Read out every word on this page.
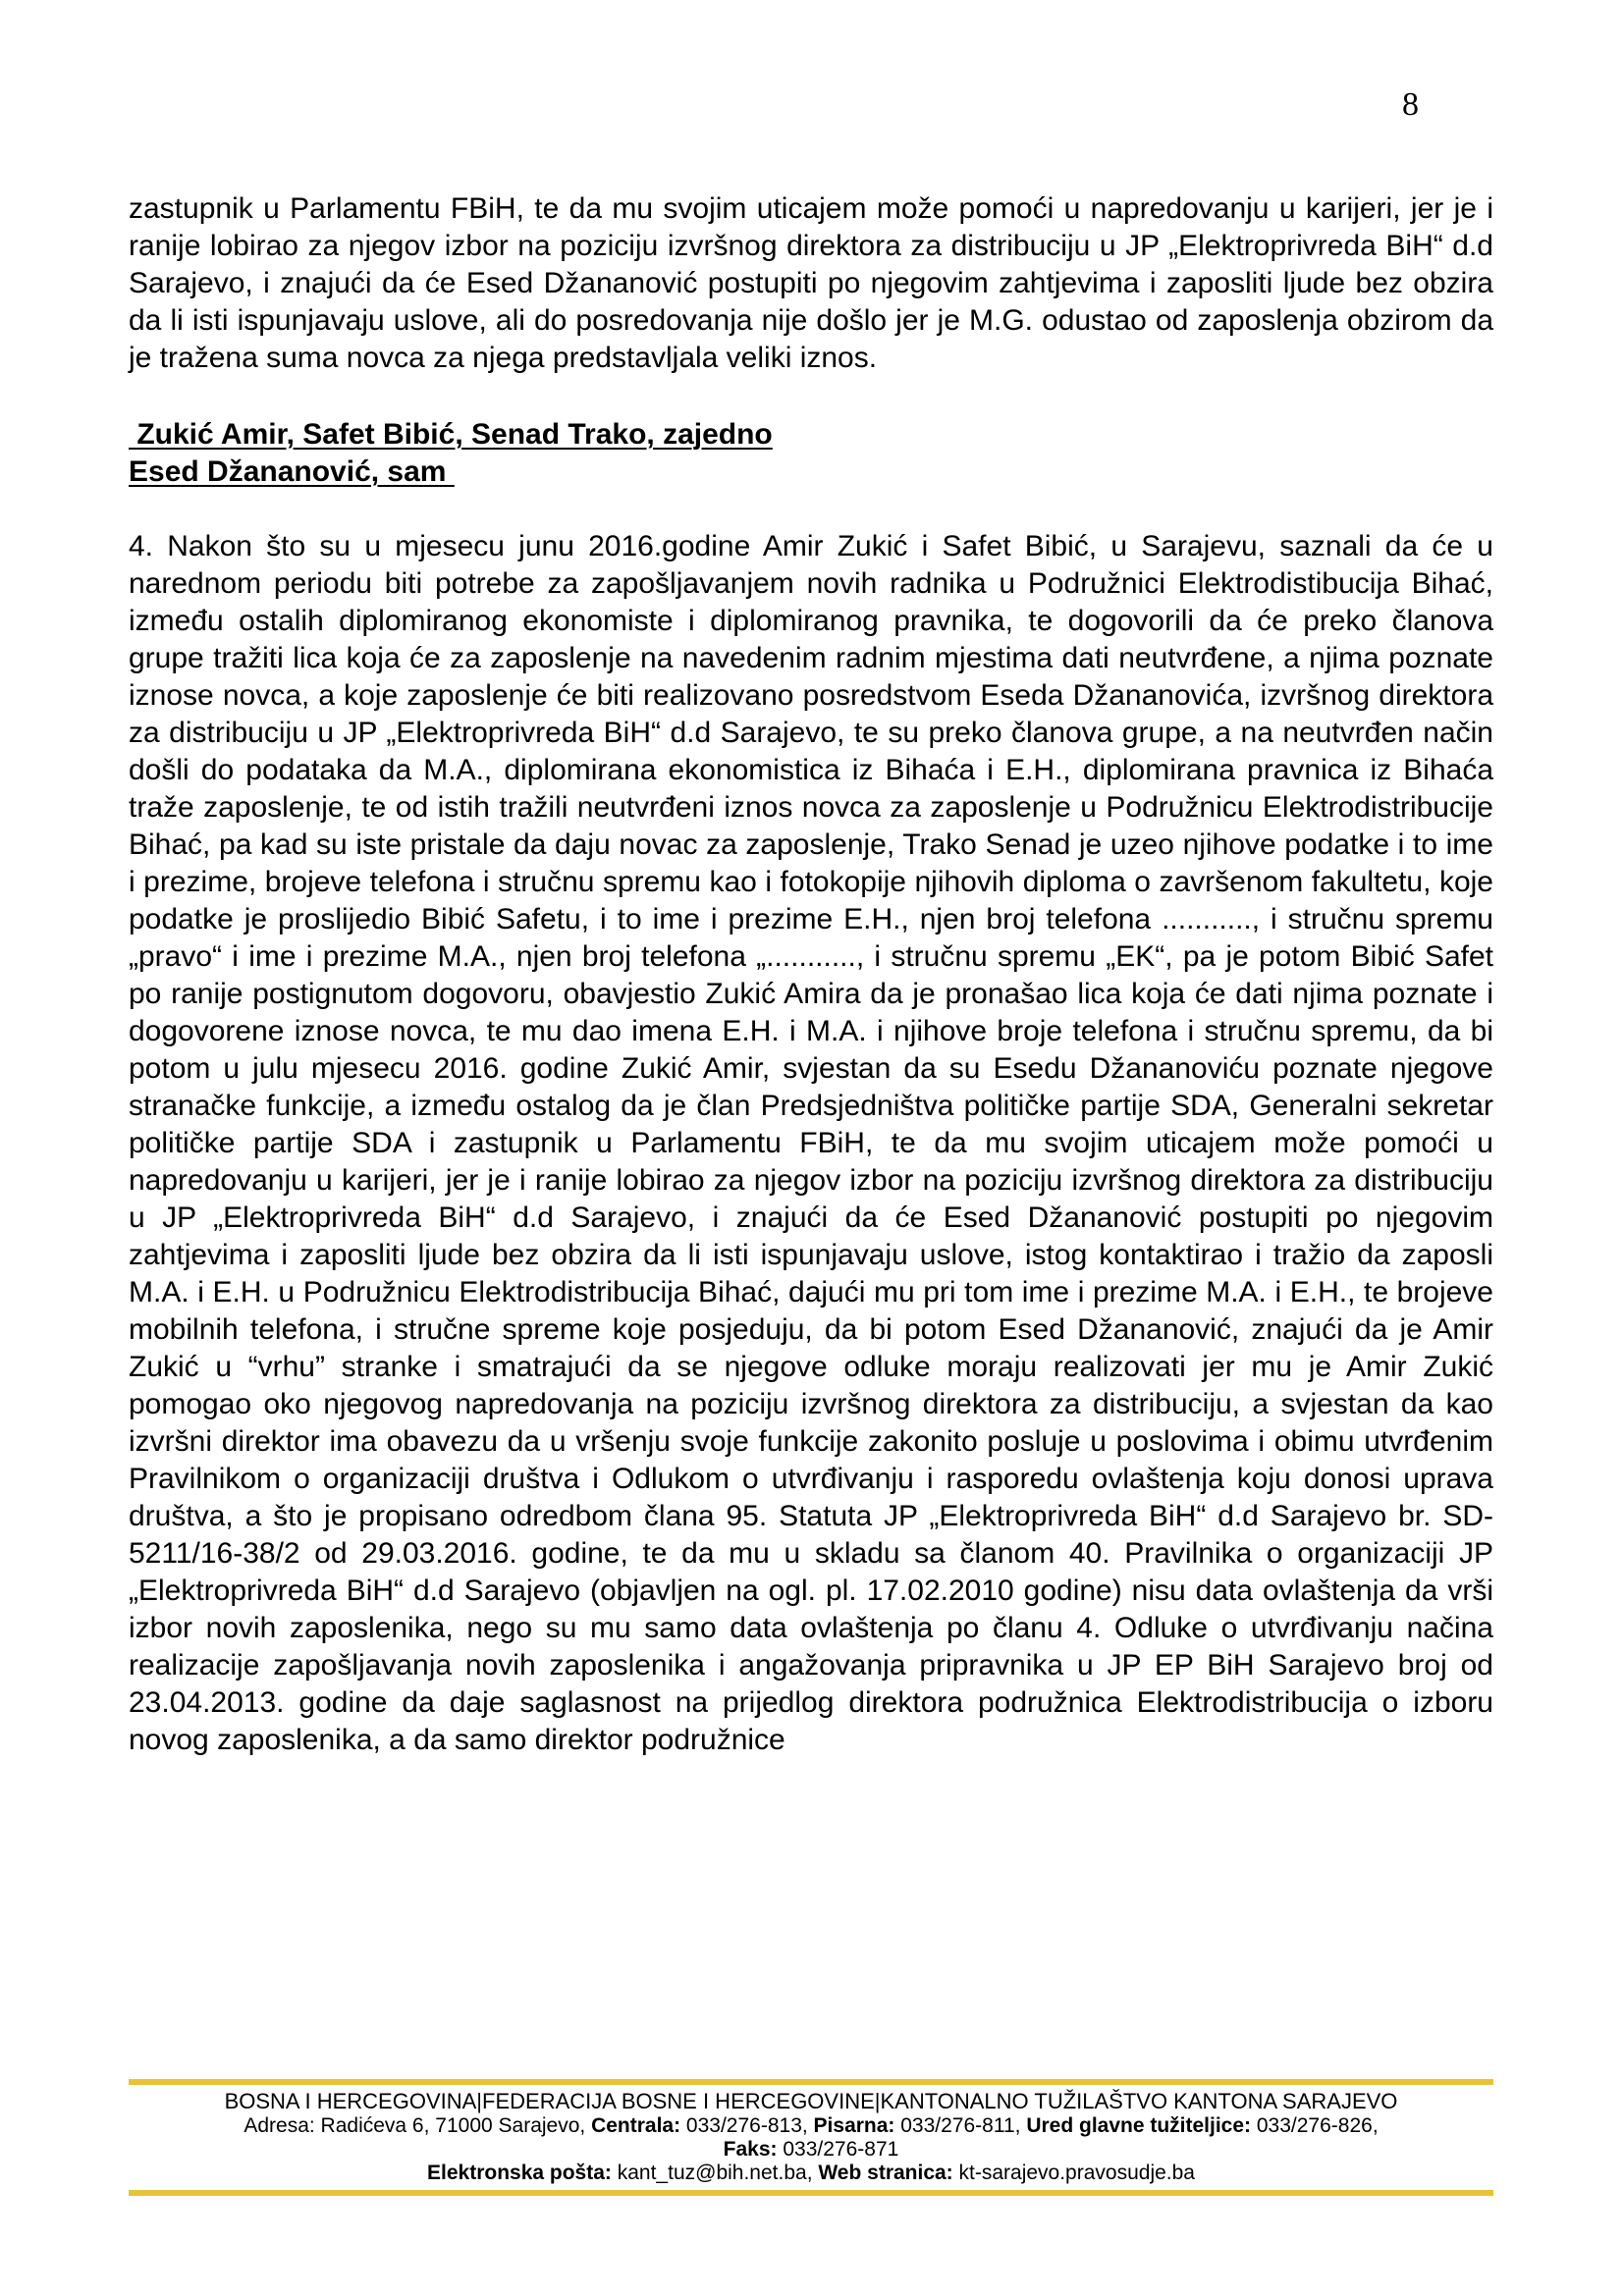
8

zastupnik u Parlamentu FBiH, te da mu svojim uticajem može pomoći u napredovanju u karijeri, jer je i ranije lobirao za njegov izbor na poziciju izvršnog direktora za distribuciju u JP „Elektroprivreda BiH“ d.d Sarajevo, i znajući da će Esed Džananović postupiti po njegovim zahtjevima i zaposliti ljude bez obzira da li isti ispunjavaju uslove, ali do posredovanja nije došlo jer je M.G. odustao od zaposlenja obzirom da je tražena suma novca za njega predstavljala veliki iznos.

Zukić Amir, Safet Bibić, Senad Trako, zajedno
Esed Džananović, sam

4. Nakon što su u mjesecu junu 2016.godine Amir Zukić i Safet Bibić, u Sarajevu, saznali da će u narednom periodu biti potrebe za zapošljavanjem novih radnika u Podružnici Elektrodistibucija Bihać, između ostalih diplomiranog ekonomiste i diplomiranog pravnika, te dogovorili da će preko članova grupe tražiti lica koja će za zaposlenje na navedenim radnim mjestima dati neutvrđene, a njima poznate iznose novca, a koje zaposlenje će biti realizovano posredstvom Eseda Džananovića, izvršnog direktora za distribuciju u JP „Elektroprivreda BiH“ d.d Sarajevo, te su preko članova grupe, a na neutvrđen način došli do podataka da M.A., diplomirana ekonomistica iz Bihaća i E.H., diplomirana pravnica iz Bihaća traže zaposlenje, te od istih tražili neutvrđeni iznos novca za zaposlenje u Podružnicu Elektrodistribucije Bihać, pa kad su iste pristale da daju novac za zaposlenje, Trako Senad je uzeo njihove podatke i to ime i prezime, brojeve telefona i stručnu spremu kao i fotokopije njihovih diploma o završenom fakultetu, koje podatke je proslijedio Bibić Safetu, i to ime i prezime E.H., njen broj telefona ..........., i stručnu spremu „pravo“ i ime i prezime M.A., njen broj telefona „..........., i stručnu spremu „EK“, pa je potom Bibić Safet po ranije postignutom dogovoru, obavjestio Zukić Amira da je pronašao lica koja će dati njima poznate i dogovorene iznose novca, te mu dao imena E.H. i M.A. i njihove broje telefona i stručnu spremu, da bi potom u julu mjesecu 2016. godine Zukić Amir, svjestan da su Esedu Džananoviću poznate njegove stranačke funkcije, a između ostalog da je član Predsjedništva političke partije SDA, Generalni sekretar političke partije SDA i zastupnik u Parlamentu FBiH, te da mu svojim uticajem može pomoći u napredovanju u karijeri, jer je i ranije lobirao za njegov izbor na poziciju izvršnog direktora za distribuciju u JP „Elektroprivreda BiH“ d.d Sarajevo, i znajući da će Esed Džananović postupiti po njegovim zahtjevima i zaposliti ljude bez obzira da li isti ispunjavaju uslove, istog kontaktirao i tražio da zaposli M.A. i E.H. u Podružnicu Elektrodistribucija Bihać, dajući mu pri tom ime i prezime M.A. i E.H., te brojeve mobilnih telefona, i stručne spreme koje posjeduju, da bi potom Esed Džananović, znajući da je Amir Zukić u “vrhu” stranke i smatrajući da se njegove odluke moraju realizovati jer mu je Amir Zukić pomogao oko njegovog napredovanja na poziciju izvršnog direktora za distribuciju, a svjestan da kao izvršni direktor ima obavezu da u vršenju svoje funkcije zakonito posluje u poslovima i obimu utvrđenim Pravilnikom o organizaciji društva i Odlukom o utvrđivanju i rasporedu ovlaštenja koju donosi uprava društva, a što je propisano odredbom člana 95. Statuta JP „Elektroprivreda BiH“ d.d Sarajevo br. SD-5211/16-38/2 od 29.03.2016. godine, te da mu u skladu sa članom 40. Pravilnika o organizaciji JP „Elektroprivreda BiH“ d.d Sarajevo (objavljen na ogl. pl. 17.02.2010 godine) nisu data ovlaštenja da vrši izbor novih zaposlenika, nego su mu samo data ovlaštenja po članu 4. Odluke o utvrđivanju načina realizacije zapošljavanja novih zaposlenika i angažovanja pripravnika u JP EP BiH Sarajevo broj od 23.04.2013. godine da daje saglasnost na prijedlog direktora podružnica Elektrodistribucija o izboru novog zaposlenika, a da samo direktor podružnice

BOSNA I HERCEGOVINA|FEDERACIJA BOSNE I HERCEGOVINE|KANTONALNO TUŽILAŠTVO KANTONA SARAJEVO
Adresa: Radićeva 6, 71000 Sarajevo, Centrala: 033/276-813, Pisarna: 033/276-811, Ured glavne tužiteljice: 033/276-826,
Faks: 033/276-871
Elektronska pošta: kant_tuz@bih.net.ba, Web stranica: kt-sarajevo.pravosudje.ba
